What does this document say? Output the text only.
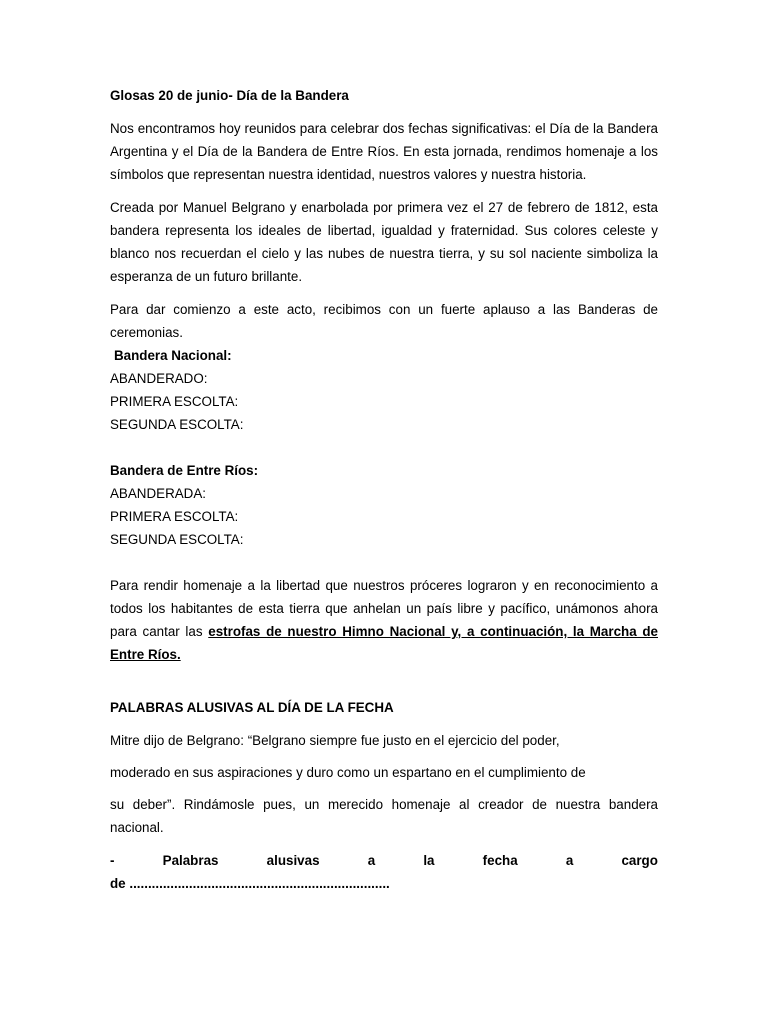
Glosas 20 de junio- Día de la Bandera

Nos encontramos hoy reunidos para celebrar dos fechas significativas: el Día de la Bandera Argentina y el Día de la Bandera de Entre Ríos. En esta jornada, rendimos homenaje a los símbolos que representan nuestra identidad, nuestros valores y nuestra historia.

Creada por Manuel Belgrano y enarbolada por primera vez el 27 de febrero de 1812, esta bandera representa los ideales de libertad, igualdad y fraternidad. Sus colores celeste y blanco nos recuerdan el cielo y las nubes de nuestra tierra, y su sol naciente simboliza la esperanza de un futuro brillante.

Para dar comienzo a este acto, recibimos con un fuerte aplauso a las Banderas de ceremonias.

Bandera Nacional:
ABANDERADO:
PRIMERA ESCOLTA:
SEGUNDA ESCOLTA:
Bandera de Entre Ríos:
ABANDERADA:
PRIMERA ESCOLTA:
SEGUNDA ESCOLTA:

Para rendir homenaje a la libertad que nuestros próceres lograron y en reconocimiento a todos los habitantes de esta tierra que anhelan un país libre y pacífico, unámonos ahora para cantar las estrofas de nuestro Himno Nacional y, a continuación, la Marcha de Entre Ríos.

PALABRAS ALUSIVAS AL DÍA DE LA FECHA
Mitre dijo de Belgrano: “Belgrano siempre fue justo en el ejercicio del poder,
moderado en sus aspiraciones y duro como un espartano en el cumplimiento de

su deber”. Rindámosle pues, un merecido homenaje al creador de nuestra bandera nacional.

-	Palabras	alusivas	a	la	fecha	a	cargo
de ......................................................................
